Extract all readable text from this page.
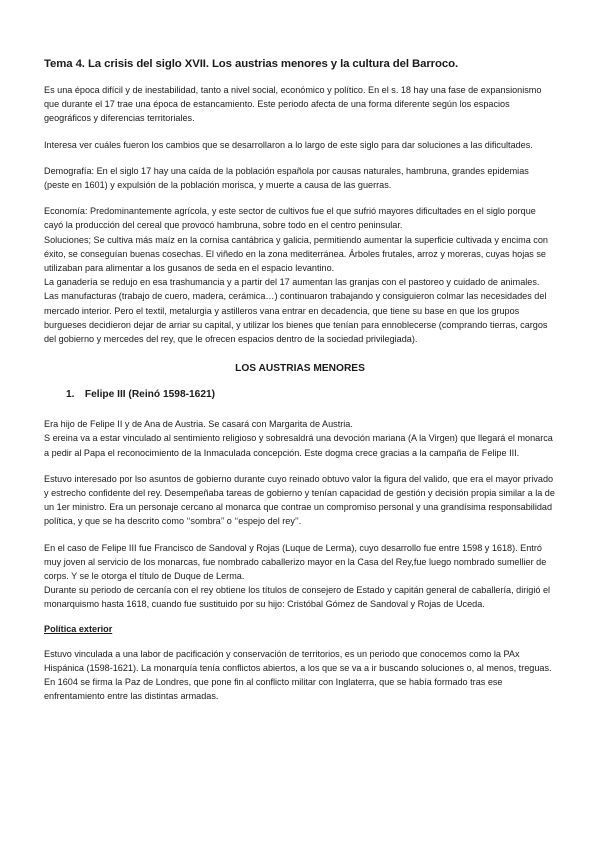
Tema 4. La crisis del siglo XVII. Los austrias menores y la cultura del Barroco.

Es una época difícil y de inestabilidad, tanto a nivel social, económico y político. En el s. 18 hay una fase de expansionismo que durante el 17 trae una época de estancamiento. Este periodo afecta de una forma diferente según los espacios geográficos y diferencias territoriales.

Interesa ver cuáles fueron los cambios que se desarrollaron a lo largo de este siglo para dar soluciones a las dificultades.

Demografía: En el siglo 17 hay una caída de la población española por causas naturales, hambruna, grandes epidemias (peste en 1601) y expulsión de la población morisca, y muerte a causa de las guerras.

Economía: Predominantemente agrícola, y este sector de cultivos fue el que sufrió mayores dificultades en el siglo porque cayó la producción del cereal que provocó hambruna, sobre todo en el centro peninsular.

Soluciones; Se cultiva más maíz en la cornisa cantábrica y galicia, permitiendo aumentar la superficie cultivada y encima con éxito, se conseguían buenas cosechas. El viñedo en la zona mediterránea. Árboles frutales, arroz y moreras, cuyas hojas se utilizaban para alimentar a los gusanos de seda en el espacio levantino.

La ganadería se redujo en esa trashumancia y a partir del 17 aumentan las granjas con el pastoreo y cuidado de animales.

Las manufacturas (trabajo de cuero, madera, cerámica…) continuaron trabajando y consiguieron colmar las necesidades del mercado interior. Pero el textil, metalurgia y astilleros vana entrar en decadencia, que tiene su base en que los grupos burgueses decidieron dejar de arriar su capital, y utilizar los bienes que tenían para ennoblecerse (comprando tierras, cargos del gobierno y mercedes del rey, que le ofrecen espacios dentro de la sociedad privilegiada).

LOS AUSTRIAS MENORES
1. Felipe III (Reinó 1598-1621)

Era hijo de Felipe II y de Ana de Austria. Se casará con Margarita de Austria.

S ereina va a estar vinculado al sentimiento religioso y sobresaldrá una devoción mariana (A la Virgen) que llegará el monarca a pedir al Papa el reconocimiento de la Inmaculada concepción. Este dogma crece gracias a la campaña de Felipe III.

Estuvo interesado por lso asuntos de gobierno durante cuyo reinado obtuvo valor la figura del valido, que era el mayor privado y estrecho confidente del rey. Desempeñaba tareas de gobierno y tenían capacidad de gestión y decisión propia similar a la de un 1er ministro. Era un personaje cercano al monarca que contrae un compromiso personal y una grandísima responsabilidad política, y que se ha descrito como ‘‘sombra’’ o ‘‘espejo del rey’’.

En el caso de Felipe III fue Francisco de Sandoval y Rojas (Luque de Lerma), cuyo desarrollo fue entre 1598 y 1618). Entró muy joven al servicio de los monarcas, fue nombrado caballerizo mayor en la Casa del Rey,fue luego nombrado sumellier de corps. Y se le otorga el título de Duque de Lerma.

Durante su periodo de cercanía con el rey obtiene los títulos de consejero de Estado y capitán general de caballería, dirigió el monarquismo hasta 1618, cuando fue sustituido por su hijo: Cristóbal Gómez de Sandoval y Rojas de Uceda.

Política exterior

Estuvo vinculada a una labor de pacificación y conservación de territorios, es un periodo que conocemos como la PAx Hispánica (1598-1621). La monarquía tenía conflictos abiertos, a los que se va a ir buscando soluciones o, al menos, treguas.

En 1604 se firma la Paz de Londres, que pone fin al conflicto militar con Inglaterra, que se había formado tras ese enfrentamiento entre las distintas armadas.
